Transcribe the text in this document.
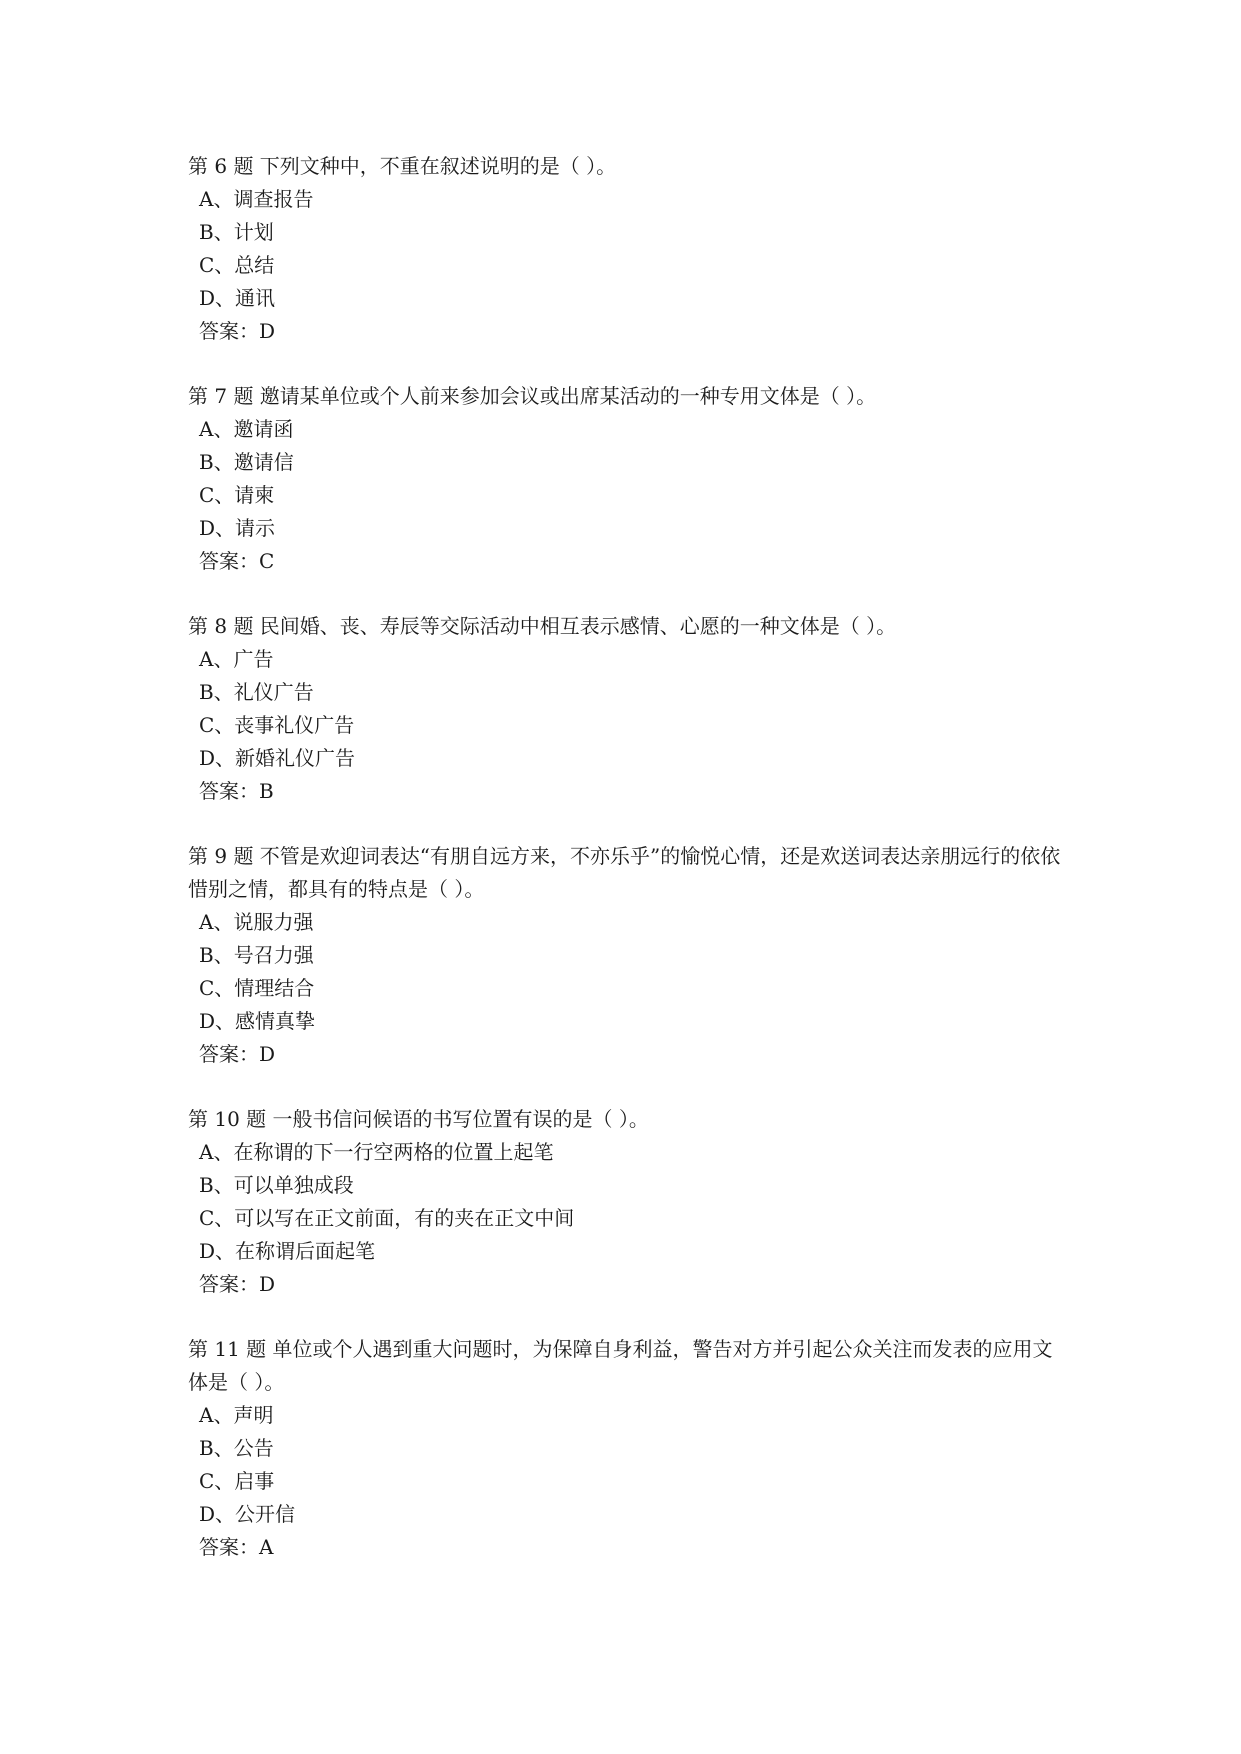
第 6 题 下列文种中，不重在叙述说明的是（ ）。

A、调查报告
B、计划
C、总结
D、通讯
答案：D

第 7 题 邀请某单位或个人前来参加会议或出席某活动的一种专用文体是（ ）。

A、邀请函
B、邀请信
C、请柬
D、请示
答案：C

第 8 题 民间婚、丧、寿辰等交际活动中相互表示感情、心愿的一种文体是（ ）。

A、广告
B、礼仪广告
C、丧事礼仪广告
D、新婚礼仪广告
答案：B

第 9 题 不管是欢迎词表达“有朋自远方来，不亦乐乎”的愉悦心情，还是欢送词表达亲朋远行的依依惜别之情，都具有的特点是（ ）。

A、说服力强
B、号召力强
C、情理结合
D、感情真挚
答案：D

第 10 题 一般书信问候语的书写位置有误的是（ ）。

A、在称谓的下一行空两格的位置上起笔
B、可以单独成段
C、可以写在正文前面，有的夹在正文中间
D、在称谓后面起笔
答案：D

第 11 题 单位或个人遇到重大问题时，为保障自身利益，警告对方并引起公众关注而发表的应用文体是（ ）。

A、声明
B、公告
C、启事
D、公开信
答案：A
